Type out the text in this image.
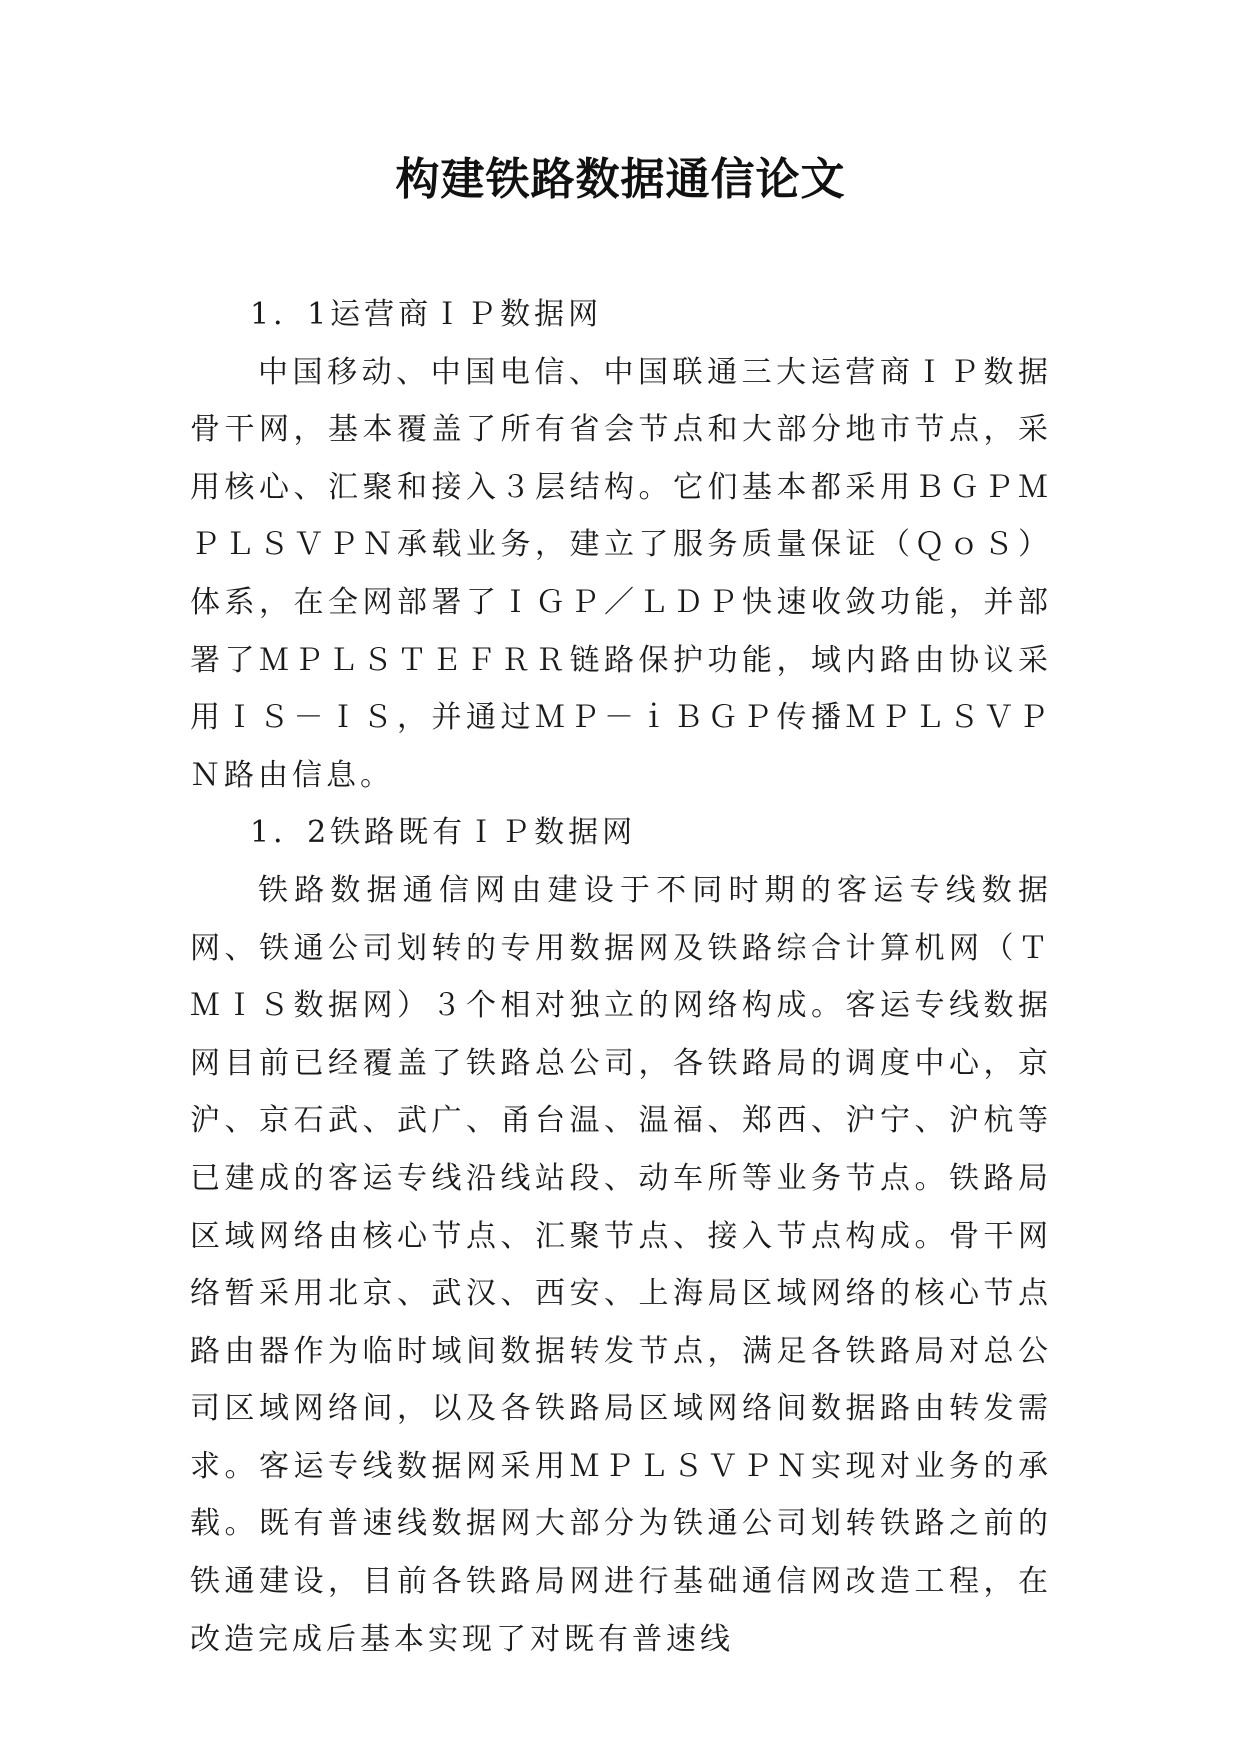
构建铁路数据通信论文

1．1运营商ＩＰ数据网

中国移动、中国电信、中国联通三大运营商ＩＰ数据骨干网，基本覆盖了所有省会节点和大部分地市节点，采用核心、汇聚和接入３层结构。它们基本都采用ＢＧＰＭＰＬＳＶＰＮ承载业务，建立了服务质量保证（ＱｏＳ）体系，在全网部署了ＩＧＰ／ＬＤＰ快速收敛功能，并部署了ＭＰＬＳＴＥＦＲＲ链路保护功能，域内路由协议采用ＩＳ－ＩＳ，并通过ＭＰ－ｉＢＧＰ传播ＭＰＬＳＶＰＮ路由信息。

1．2铁路既有ＩＰ数据网

铁路数据通信网由建设于不同时期的客运专线数据网、铁通公司划转的专用数据网及铁路综合计算机网（ＴＭＩＳ数据网）３个相对独立的网络构成。客运专线数据网目前已经覆盖了铁路总公司，各铁路局的调度中心，京沪、京石武、武广、甬台温、温福、郑西、沪宁、沪杭等已建成的客运专线沿线站段、动车所等业务节点。铁路局区域网络由核心节点、汇聚节点、接入节点构成。骨干网络暂采用北京、武汉、西安、上海局区域网络的核心节点路由器作为临时域间数据转发节点，满足各铁路局对总公司区域网络间，以及各铁路局区域网络间数据路由转发需求。客运专线数据网采用ＭＰＬＳＶＰＮ实现对业务的承载。既有普速线数据网大部分为铁通公司划转铁路之前的铁通建设，目前各铁路局网进行基础通信网改造工程，在改造完成后基本实现了对既有普速线
